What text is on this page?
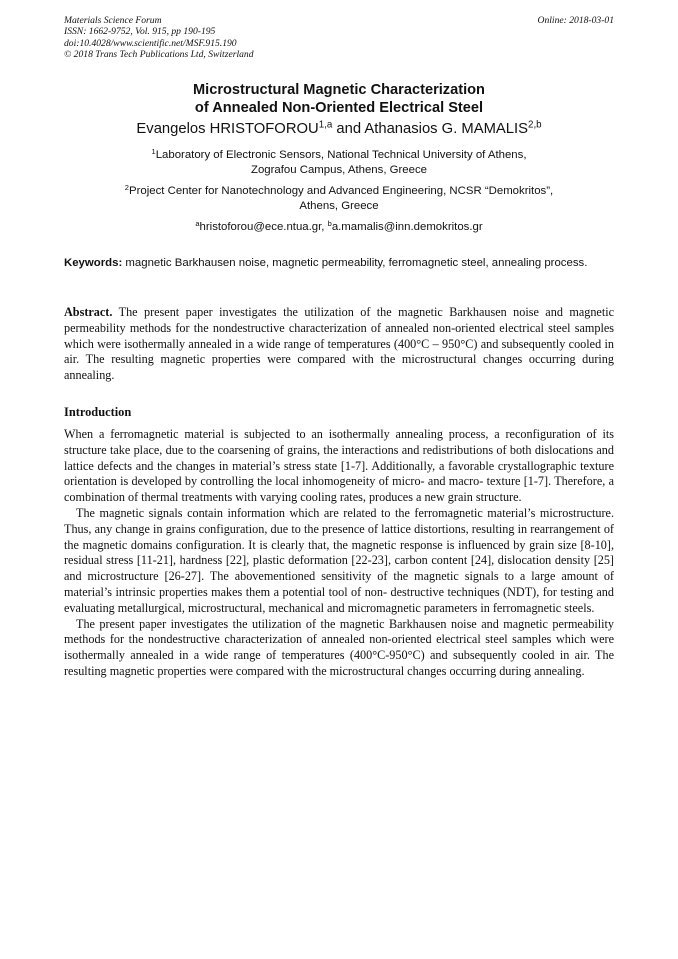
Materials Science Forum
ISSN: 1662-9752, Vol. 915, pp 190-195
doi:10.4028/www.scientific.net/MSF.915.190
© 2018 Trans Tech Publications Ltd, Switzerland
Online: 2018-03-01
Microstructural Magnetic Characterization
of Annealed Non-Oriented Electrical Steel
Evangelos HRISTOFOROU$^{1,a}$ and Athanasios G. MAMALIS$^{2,b}$
$^1$Laboratory of Electronic Sensors, National Technical University of Athens,
Zografou Campus, Athens, Greece
$^2$Project Center for Nanotechnology and Advanced Engineering, NCSR “Demokritos”,
Athens, Greece
$^a$hristoforou@ece.ntua.gr, $^b$a.mamalis@inn.demokritos.gr
Keywords: magnetic Barkhausen noise, magnetic permeability, ferromagnetic steel, annealing process.
Abstract. The present paper investigates the utilization of the magnetic Barkhausen noise and magnetic permeability methods for the nondestructive characterization of annealed non-oriented electrical steel samples which were isothermally annealed in a wide range of temperatures (400°C – 950°C) and subsequently cooled in air. The resulting magnetic properties were compared with the microstructural changes occurring during annealing.
Introduction

When a ferromagnetic material is subjected to an isothermally annealing process, a reconfiguration of its structure take place, due to the coarsening of grains, the interactions and redistributions of both dislocations and lattice defects and the changes in material’s stress state [1-7]. Additionally, a favorable crystallographic texture orientation is developed by controlling the local inhomogeneity of micro- and macro- texture [1-7]. Therefore, a combination of thermal treatments with varying cooling rates, produces a new grain structure.

The magnetic signals contain information which are related to the ferromagnetic material’s microstructure. Thus, any change in grains configuration, due to the presence of lattice distortions, resulting in rearrangement of the magnetic domains configuration. It is clearly that, the magnetic response is influenced by grain size [8-10], residual stress [11-21], hardness [22], plastic deformation [22-23], carbon content [24], dislocation density [25] and microstructure [26-27]. The abovementioned sensitivity of the magnetic signals to a large amount of material’s intrinsic properties makes them a potential tool of non- destructive techniques (NDT), for testing and evaluating metallurgical, microstructural, mechanical and micromagnetic parameters in ferromagnetic steels.

The present paper investigates the utilization of the magnetic Barkhausen noise and magnetic permeability methods for the nondestructive characterization of annealed non-oriented electrical steel samples which were isothermally annealed in a wide range of temperatures (400°C-950°C) and subsequently cooled in air. The resulting magnetic properties were compared with the microstructural changes occurring during annealing.
